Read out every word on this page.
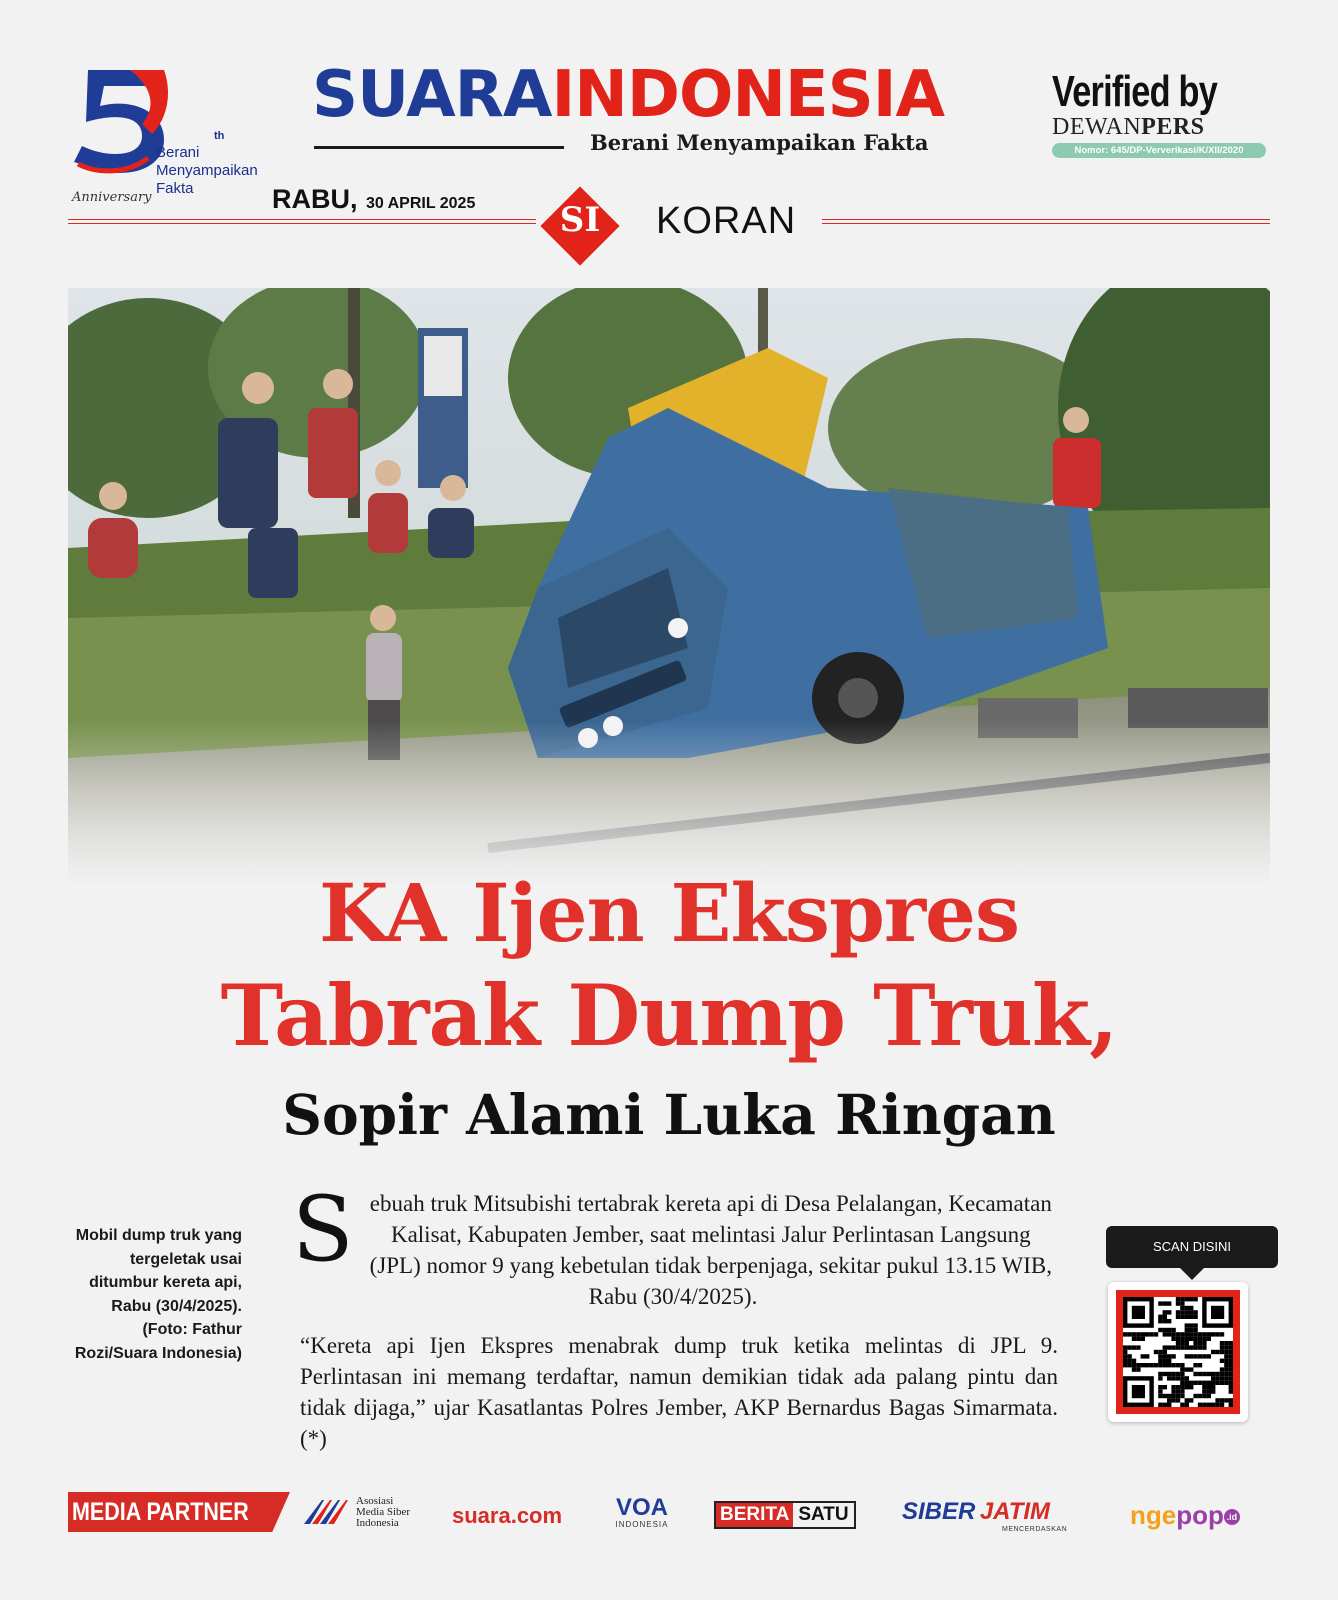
th
Berani
Menyampaikan
Fakta
Anniversary
SUARAINDONESIA
Berani Menyampaikan Fakta
Verified by
DEWANPERS
Nomor: 645/DP-Ververikasi/K/XII/2020
RABU, 30 APRIL 2025	SI	KORAN
KA Ijen Ekspres
Tabrak Dump Truk,
Sopir Alami Luka Ringan
Mobil dump truk yang tergeletak usai ditumbur kereta api, Rabu (30/4/2025). (Foto: Fathur Rozi/Suara Indonesia)

Sebuah truk Mitsubishi tertabrak kereta api di Desa Pelalangan, Kecamatan Kalisat, Kabupaten Jember, saat melintasi Jalur Perlintasan Langsung (JPL) nomor 9 yang kebetulan tidak berpenjaga, sekitar pukul 13.15 WIB, Rabu (30/4/2025).

“Kereta api Ijen Ekspres menabrak dump truk ketika melintas di JPL 9. Perlintasan ini memang terdaftar, namun demikian tidak ada palang pintu dan tidak dijaga,” ujar Kasatlantas Polres Jember, AKP Bernardus Bagas Simarmata. (*)

SCAN DISINI
MEDIA PARTNER	Asosiasi
Media Siber
Indonesia	suara.com VOA
INDONESIA	BERITA SATU SIBER JATIM
MENCERDASKAN ngepop .id
